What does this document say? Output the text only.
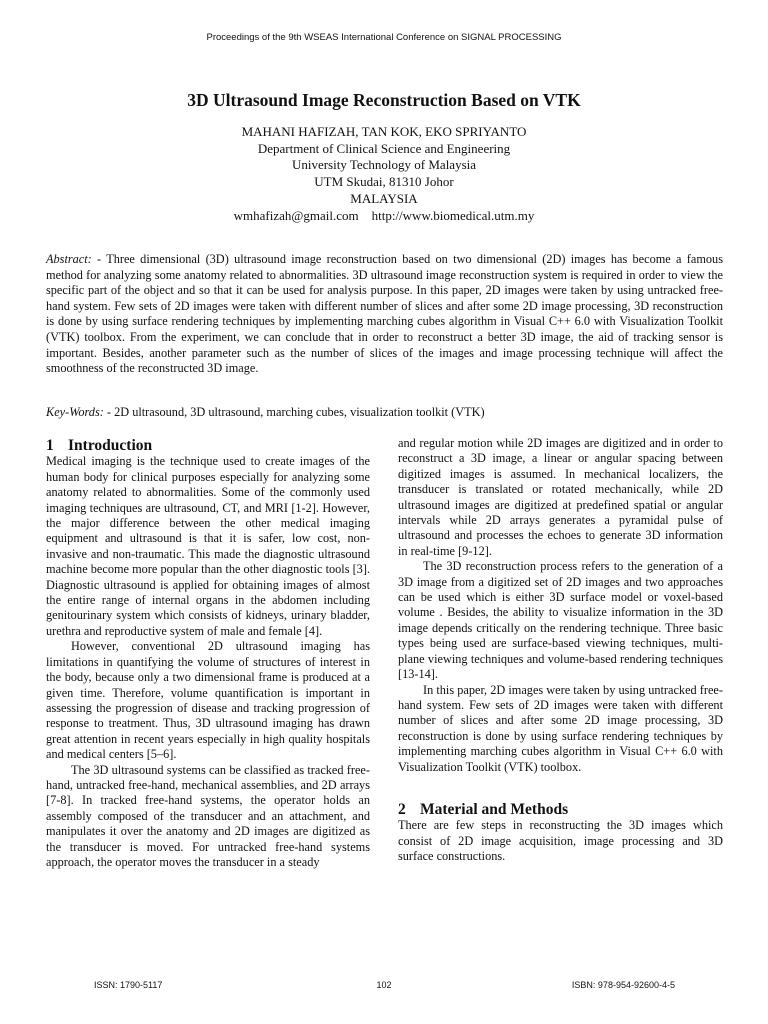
Proceedings of the 9th WSEAS International Conference on SIGNAL PROCESSING
3D Ultrasound Image Reconstruction Based on VTK
MAHANI HAFIZAH, TAN KOK, EKO SPRIYANTO
Department of Clinical Science and Engineering
University Technology of Malaysia
UTM Skudai, 81310 Johor
MALAYSIA
wmhafizah@gmail.com http://www.biomedical.utm.my
Abstract: - Three dimensional (3D) ultrasound image reconstruction based on two dimensional (2D) images has become a famous method for analyzing some anatomy related to abnormalities. 3D ultrasound image reconstruction system is required in order to view the specific part of the object and so that it can be used for analysis purpose. In this paper, 2D images were taken by using untracked free-hand system. Few sets of 2D images were taken with different number of slices and after some 2D image processing, 3D reconstruction is done by using surface rendering techniques by implementing marching cubes algorithm in Visual C++ 6.0 with Visualization Toolkit (VTK) toolbox. From the experiment, we can conclude that in order to reconstruct a better 3D image, the aid of tracking sensor is important. Besides, another parameter such as the number of slices of the images and image processing technique will affect the smoothness of the reconstructed 3D image.
Key-Words: - 2D ultrasound, 3D ultrasound, marching cubes, visualization toolkit (VTK)
1 Introduction

Medical imaging is the technique used to create images of the human body for clinical purposes especially for analyzing some anatomy related to abnormalities. Some of the commonly used imaging techniques are ultrasound, CT, and MRI [1-2]. However, the major difference between the other medical imaging equipment and ultrasound is that it is safer, low cost, non-invasive and non-traumatic. This made the diagnostic ultrasound machine become more popular than the other diagnostic tools [3]. Diagnostic ultrasound is applied for obtaining images of almost the entire range of internal organs in the abdomen including genitourinary system which consists of kidneys, urinary bladder, urethra and reproductive system of male and female [4].

However, conventional 2D ultrasound imaging has limitations in quantifying the volume of structures of interest in the body, because only a two dimensional frame is produced at a given time. Therefore, volume quantification is important in assessing the progression of disease and tracking progression of response to treatment. Thus, 3D ultrasound imaging has drawn great attention in recent years especially in high quality hospitals and medical centers [5–6].

The 3D ultrasound systems can be classified as tracked free-hand, untracked free-hand, mechanical assemblies, and 2D arrays [7-8]. In tracked free-hand systems, the operator holds an assembly composed of the transducer and an attachment, and manipulates it over the anatomy and 2D images are digitized as the transducer is moved. For untracked free-hand systems approach, the operator moves the transducer in a steady

and regular motion while 2D images are digitized and in order to reconstruct a 3D image, a linear or angular spacing between digitized images is assumed. In mechanical localizers, the transducer is translated or rotated mechanically, while 2D ultrasound images are digitized at predefined spatial or angular intervals while 2D arrays generates a pyramidal pulse of ultrasound and processes the echoes to generate 3D information in real-time [9-12].

The 3D reconstruction process refers to the generation of a 3D image from a digitized set of 2D images and two approaches can be used which is either 3D surface model or voxel-based volume . Besides, the ability to visualize information in the 3D image depends critically on the rendering technique. Three basic types being used are surface-based viewing techniques, multi-plane viewing techniques and volume-based rendering techniques [13-14].

In this paper, 2D images were taken by using untracked free-hand system. Few sets of 2D images were taken with different number of slices and after some 2D image processing, 3D reconstruction is done by using surface rendering techniques by implementing marching cubes algorithm in Visual C++ 6.0 with Visualization Toolkit (VTK) toolbox.

2 Material and Methods

There are few steps in reconstructing the 3D images which consist of 2D image acquisition, image processing and 3D surface constructions.

ISSN: 1790-5117	102	ISBN: 978-954-92600-4-5
